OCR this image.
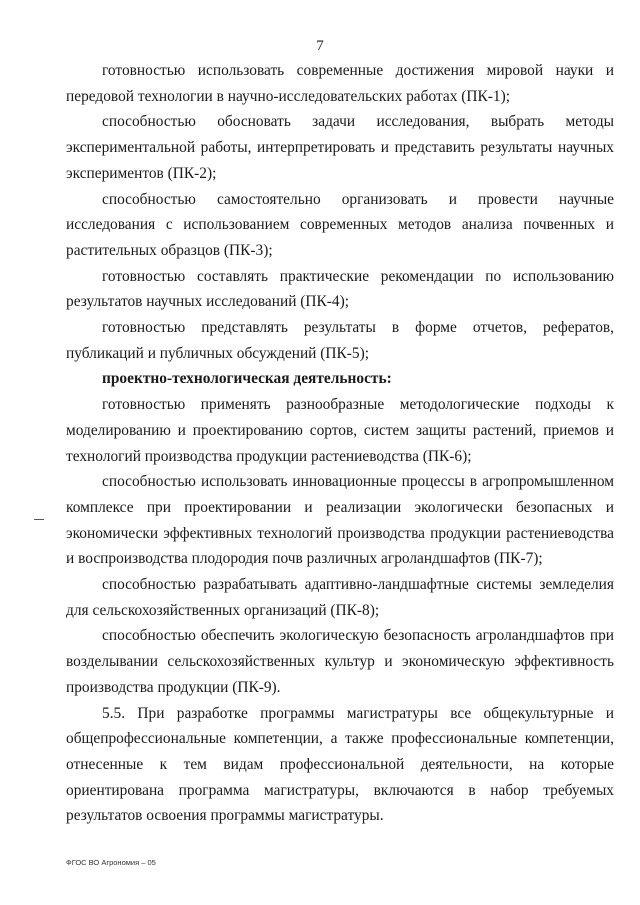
7

готовностью использовать современные достижения мировой науки и передовой технологии в научно-исследовательских работах (ПК-1);

способностью обосновать задачи исследования, выбрать методы экспериментальной работы, интерпретировать и представить результаты научных экспериментов (ПК-2);

способностью самостоятельно организовать и провести научные исследования с использованием современных методов анализа почвенных и растительных образцов (ПК-3);

готовностью составлять практические рекомендации по использованию результатов научных исследований (ПК-4);

готовностью представлять результаты в форме отчетов, рефератов, публикаций и публичных обсуждений (ПК-5);

проектно-технологическая деятельность:

готовностью применять разнообразные методологические подходы к моделированию и проектированию сортов, систем защиты растений, приемов и технологий производства продукции растениеводства (ПК-6);

способностью использовать инновационные процессы в агропромышленном комплексе при проектировании и реализации экологически безопасных и экономически эффективных технологий производства продукции растениеводства и воспроизводства плодородия почв различных агроландшафтов (ПК-7);

способностью разрабатывать адаптивно-ландшафтные системы земледелия для сельскохозяйственных организаций (ПК-8);

способностью обеспечить экологическую безопасность агроландшафтов при возделывании сельскохозяйственных культур и экономическую эффективность производства продукции (ПК-9).

5.5. При разработке программы магистратуры все общекультурные и общепрофессиональные компетенции, а также профессиональные компетенции, отнесенные к тем видам профессиональной деятельности, на которые ориентирована программа магистратуры, включаются в набор требуемых результатов освоения программы магистратуры.

ФГОС ВО Агрономия – 05
